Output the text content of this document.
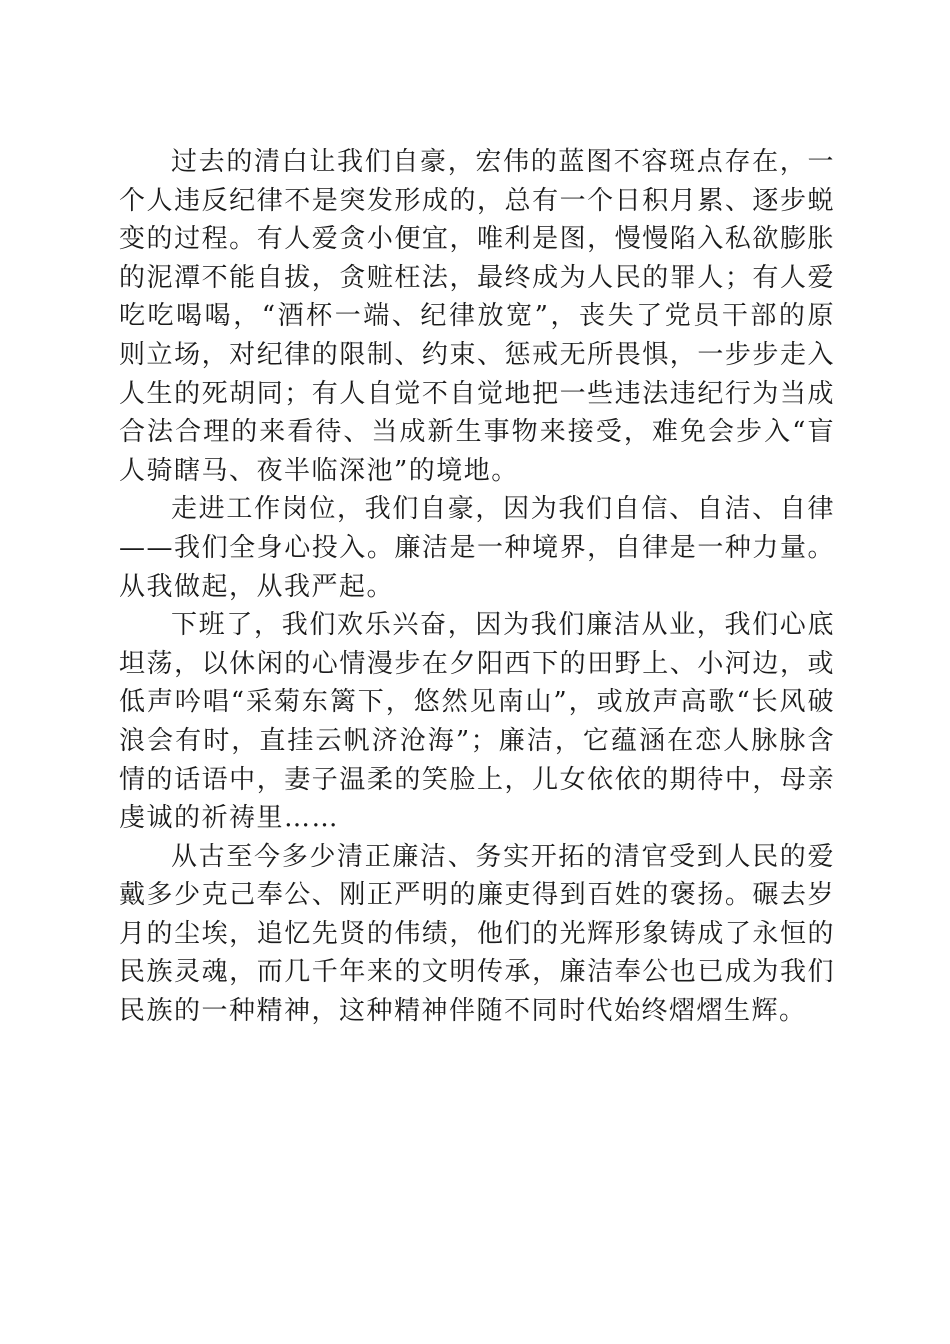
过去的清白让我们自豪，宏伟的蓝图不容斑点存在，一个人违反纪律不是突发形成的，总有一个日积月累、逐步蜕变的过程。有人爱贪小便宜，唯利是图，慢慢陷入私欲膨胀的泥潭不能自拔，贪赃枉法，最终成为人民的罪人；有人爱吃吃喝喝，“酒杯一端、纪律放宽”，丧失了党员干部的原则立场，对纪律的限制、约束、惩戒无所畏惧，一步步走入人生的死胡同；有人自觉不自觉地把一些违法违纪行为当成合法合理的来看待、当成新生事物来接受，难免会步入“盲人骑瞎马、夜半临深池”的境地。

走进工作岗位，我们自豪，因为我们自信、自洁、自律——我们全身心投入。廉洁是一种境界，自律是一种力量。从我做起，从我严起。

下班了，我们欢乐兴奋，因为我们廉洁从业，我们心底坦荡，以休闲的心情漫步在夕阳西下的田野上、小河边，或低声吟唱“采菊东篱下，悠然见南山”，或放声高歌“长风破浪会有时，直挂云帆济沧海”；廉洁，它蕴涵在恋人脉脉含情的话语中，妻子温柔的笑脸上，儿女依依的期待中，母亲虔诚的祈祷里……

从古至今多少清正廉洁、务实开拓的清官受到人民的爱戴多少克己奉公、刚正严明的廉吏得到百姓的褒扬。碾去岁月的尘埃，追忆先贤的伟绩，他们的光辉形象铸成了永恒的民族灵魂，而几千年来的文明传承，廉洁奉公也已成为我们民族的一种精神，这种精神伴随不同时代始终熠熠生辉。
